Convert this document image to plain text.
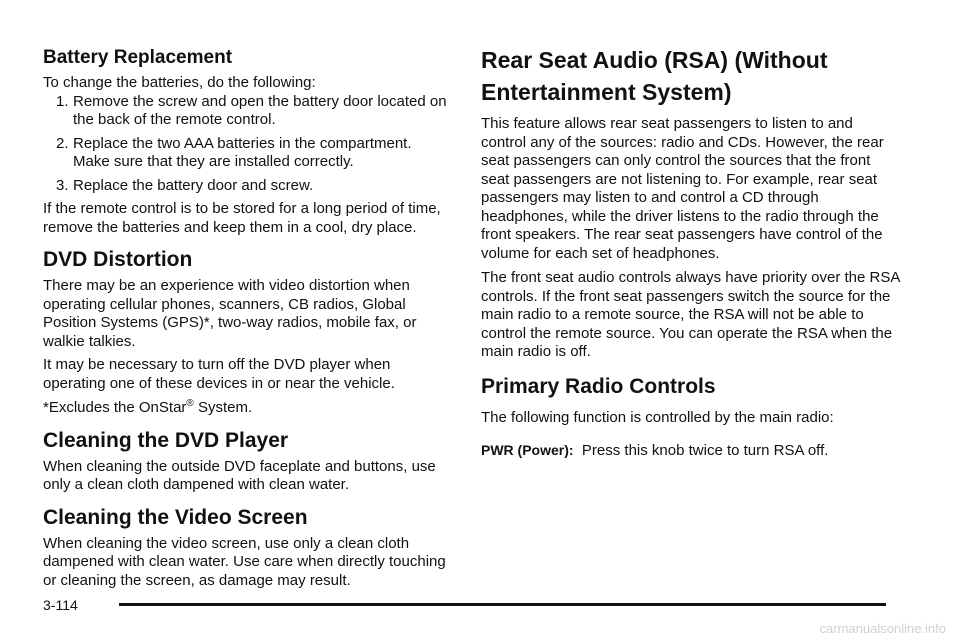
Battery Replacement

To change the batteries, do the following:

1. Remove the screw and open the battery door located on the back of the remote control.
2. Replace the two AAA batteries in the compartment. Make sure that they are installed correctly.
3. Replace the battery door and screw.

If the remote control is to be stored for a long period of time, remove the batteries and keep them in a cool, dry place.

DVD Distortion

There may be an experience with video distortion when operating cellular phones, scanners, CB radios, Global Position Systems (GPS)*, two-way radios, mobile fax, or walkie talkies.

It may be necessary to turn off the DVD player when operating one of these devices in or near the vehicle.

*Excludes the OnStar® System.

Cleaning the DVD Player

When cleaning the outside DVD faceplate and buttons, use only a clean cloth dampened with clean water.

Cleaning the Video Screen

When cleaning the video screen, use only a clean cloth dampened with clean water. Use care when directly touching or cleaning the screen, as damage may result.

Rear Seat Audio (RSA) (Without Entertainment System)

This feature allows rear seat passengers to listen to and control any of the sources: radio and CDs. However, the rear seat passengers can only control the sources that the front seat passengers are not listening to. For example, rear seat passengers may listen to and control a CD through headphones, while the driver listens to the radio through the front speakers. The rear seat passengers have control of the volume for each set of headphones.

The front seat audio controls always have priority over the RSA controls. If the front seat passengers switch the source for the main radio to a remote source, the RSA will not be able to control the remote source. You can operate the RSA when the main radio is off.

Primary Radio Controls

The following function is controlled by the main radio:

PWR (Power): Press this knob twice to turn RSA off.

3-114
carmanualsonline.info
